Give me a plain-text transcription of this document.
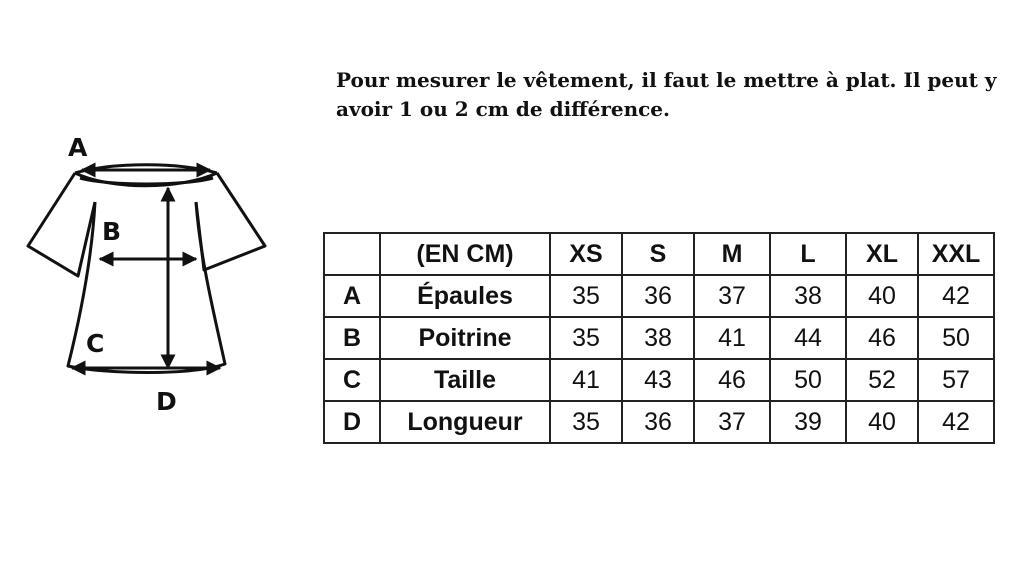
Pour mesurer le vêtement, il faut le mettre à plat. Il peut y avoir 1 ou 2 cm de différence.

A
B
C
D
	(EN CM)	XS	S	M	L	XL	XXL
A	Épaules	35	36	37	38	40	42
B	Poitrine	35	38	41	44	46	50
C	Taille	41	43	46	50	52	57
D	Longueur	35	36	37	39	40	42
